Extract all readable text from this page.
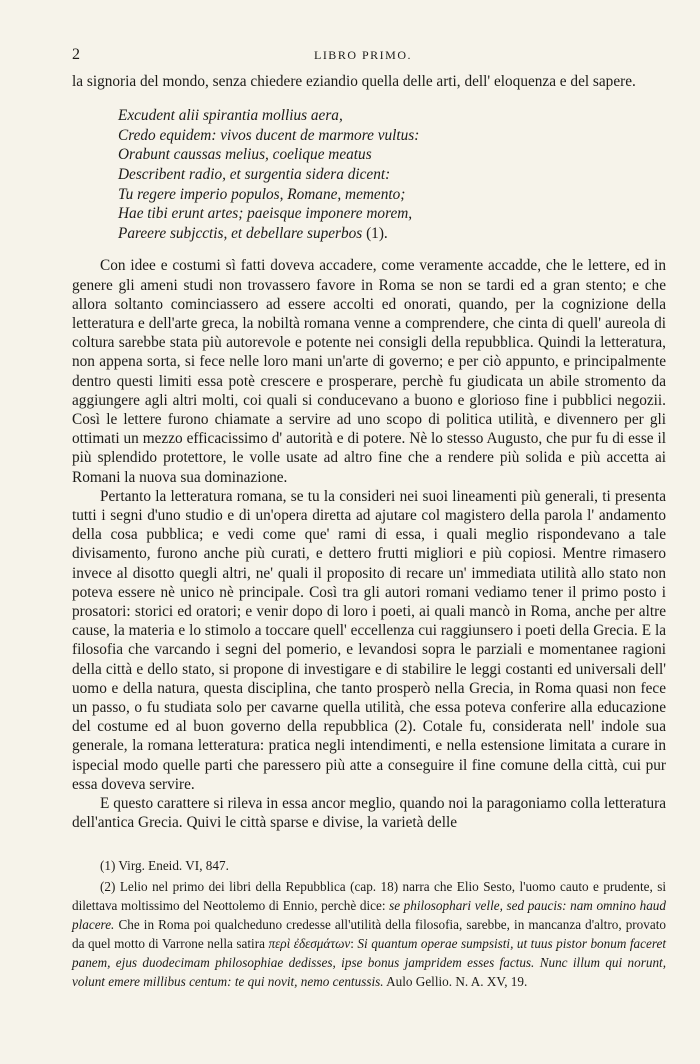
2	LIBRO PRIMO.

la signoria del mondo, senza chiedere eziandio quella delle arti, dell' eloquenza e del sapere.

Excudent alii spirantia mollius aera,
Credo equidem: vivos ducent de marmore vultus:
Orabunt caussas melius, coelique meatus
Describent radio, et surgentia sidera dicent:
Tu regere imperio populos, Romane, memento;
Hae tibi erunt artes; paeisque imponere morem,
Pareere subjcctis, et debellare superbos (1).

Con idee e costumi sì fatti doveva accadere, come veramente accadde, che le lettere, ed in genere gli ameni studi non trovassero favore in Roma se non se tardi ed a gran stento; e che allora soltanto cominciassero ad essere accolti ed onorati, quando, per la cognizione della letteratura e dell'arte greca, la nobiltà romana venne a comprendere, che cinta di quell' aureola di coltura sarebbe stata più autorevole e potente nei consigli della repubblica. Quindi la letteratura, non appena sorta, si fece nelle loro mani un'arte di governo; e per ciò appunto, e principalmente dentro questi limiti essa potè crescere e prosperare, perchè fu giudicata un abile stromento da aggiungere agli altri molti, coi quali si conducevano a buono e glorioso fine i pubblici negozii. Così le lettere furono chiamate a servire ad uno scopo di politica utilità, e divennero per gli ottimati un mezzo efficacissimo d' autorità e di potere. Nè lo stesso Augusto, che pur fu di esse il più splendido protettore, le volle usate ad altro fine che a rendere più solida e più accetta ai Romani la nuova sua dominazione.

Pertanto la letteratura romana, se tu la consideri nei suoi lineamenti più generali, ti presenta tutti i segni d'uno studio e di un'opera diretta ad ajutare col magistero della parola l' andamento della cosa pubblica; e vedi come que' rami di essa, i quali meglio rispondevano a tale divisamento, furono anche più curati, e dettero frutti migliori e più copiosi. Mentre rimasero invece al disotto quegli altri, ne' quali il proposito di recare un' immediata utilità allo stato non poteva essere nè unico nè principale. Così tra gli autori romani vediamo tener il primo posto i prosatori: storici ed oratori; e venir dopo di loro i poeti, ai quali mancò in Roma, anche per altre cause, la materia e lo stimolo a toccare quell' eccellenza cui raggiunsero i poeti della Grecia. E la filosofia che varcando i segni del pomerio, e levandosi sopra le parziali e momentanee ragioni della città e dello stato, si propone di investigare e di stabilire le leggi costanti ed universali dell' uomo e della natura, questa disciplina, che tanto prosperò nella Grecia, in Roma quasi non fece un passo, o fu studiata solo per cavarne quella utilità, che essa poteva conferire alla educazione del costume ed al buon governo della repubblica (2). Cotale fu, considerata nell' indole sua generale, la romana letteratura: pratica negli intendimenti, e nella estensione limitata a curare in ispecial modo quelle parti che paressero più atte a conseguire il fine comune della città, cui pur essa doveva servire.

E questo carattere si rileva in essa ancor meglio, quando noi la paragoniamo colla letteratura dell'antica Grecia. Quivi le città sparse e divise, la varietà delle

(1) Virg. Eneid. VI, 847.

(2) Lelio nel primo dei libri della Repubblica (cap. 18) narra che Elio Sesto, l'uomo cauto e prudente, si dilettava moltissimo del Neottolemo di Ennio, perchè dice: se philosophari velle, sed paucis: nam omnino haud placere. Che in Roma poi qualcheduno credesse all'utilità della filosofia, sarebbe, in mancanza d'altro, provato da quel motto di Varrone nella satira περὶ ἐδεσμάτων: Si quantum operae sumpsisti, ut tuus pistor bonum faceret panem, ejus duodecimam philosophiae dedisses, ipse bonus jampridem esses factus. Nunc illum qui norunt, volunt emere millibus centum: te qui novit, nemo centussis. Aulo Gellio. N. A. XV, 19.
